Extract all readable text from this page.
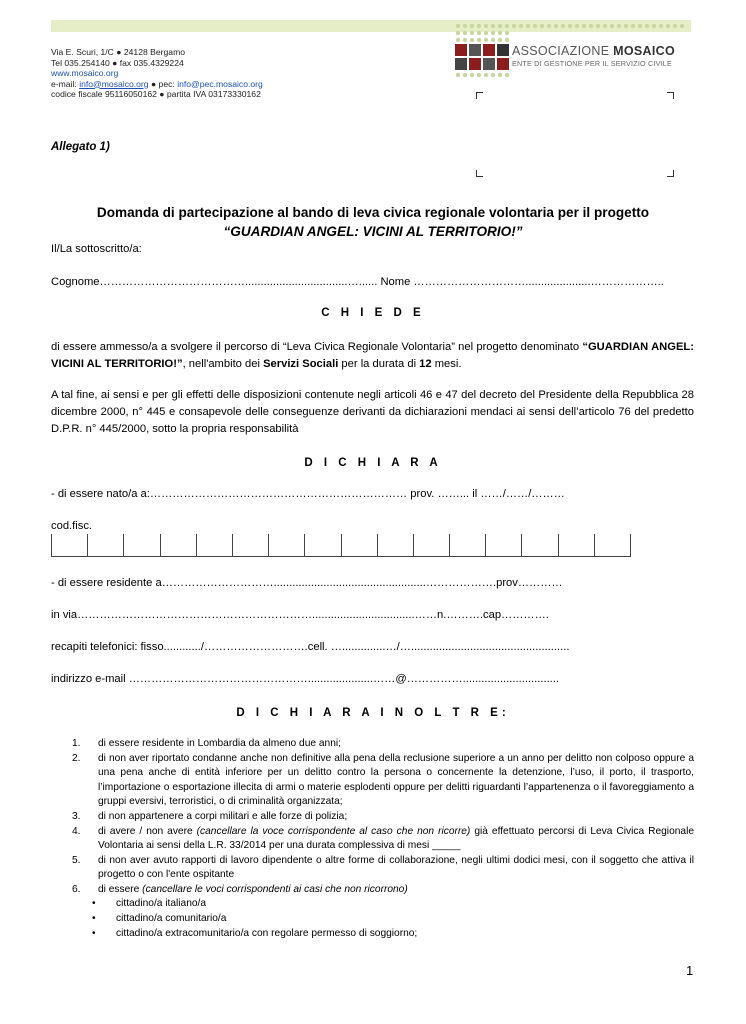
Via E. Scuri, 1/C ● 24128 Bergamo
Tel 035.254140 ● fax 035.4329224
www.mosaico.org
e-mail: info@mosaico.org ● pec: info@pec.mosaico.org
codice fiscale 95116050162 ● partita IVA 03173330162
ASSOCIAZIONE MOSAICO
ENTE DI GESTIONE PER IL SERVIZIO CIVILE
Allegato 1)
Domanda di partecipazione al bando di leva civica regionale volontaria per il progetto
“GUARDIAN ANGEL: VICINI AL TERRITORIO!”
Il/La sottoscritto/a:
Cognome………………………………….................................…...... Nome ………………………….....................………………..
C H I E D E
di essere ammesso/a a svolgere il percorso di “Leva Civica Regionale Volontaria” nel progetto denominato “GUARDIAN ANGEL: VICINI AL TERRITORIO!”, nell'ambito dei Servizi Sociali per la durata di 12 mesi.
A tal fine, ai sensi e per gli effetti delle disposizioni contenute negli articoli 46 e 47 del decreto del Presidente della Repubblica 28 dicembre 2000, n° 445 e consapevole delle conseguenze derivanti da dichiarazioni mendaci ai sensi dell’articolo 76 del predetto D.P.R. n° 445/2000, sotto la propria responsabilità
D I C H I A R A
- di essere nato/a a:…………………………………………………………… prov. ……... il ……/……/………
cod.fisc.
- di essere residente a………………………….................................................……………….prov…………
in via……………………………………………………….................................……n.……….cap………….
recapiti telefonici: fisso............/……………………….cell. …..............…/…...................................................
indirizzo e-mail ………………………………………….....................……@……………...............................
D I C H I A R A I N O L T R E:
1.	di essere residente in Lombardia da almeno due anni;
2.	di non aver riportato condanne anche non definitive alla pena della reclusione superiore a un anno per delitto non colposo oppure a una pena anche di entità inferiore per un delitto contro la persona o concernente la detenzione, l’uso, il porto, il trasporto, l’importazione o esportazione illecita di armi o materie esplodenti oppure per delitti riguardanti l’appartenenza o il favoreggiamento a gruppi eversivi, terroristici, o di criminalità organizzata;
3.	di non appartenere a corpi militari e alle forze di polizia;
4.	di avere / non avere (cancellare la voce corrispondente al caso che non ricorre) già effettuato percorsi di Leva Civica Regionale Volontaria ai sensi della L.R. 33/2014 per una durata complessiva di mesi _____
5.	di non aver avuto rapporti di lavoro dipendente o altre forme di collaborazione, negli ultimi dodici mesi, con il soggetto che attiva il progetto o con l'ente ospitante
6.	di essere (cancellare le voci corrispondenti ai casi che non ricorrono)
•	cittadino/a italiano/a
•	cittadino/a comunitario/a
•	cittadino/a extracomunitario/a con regolare permesso di soggiorno;
1
